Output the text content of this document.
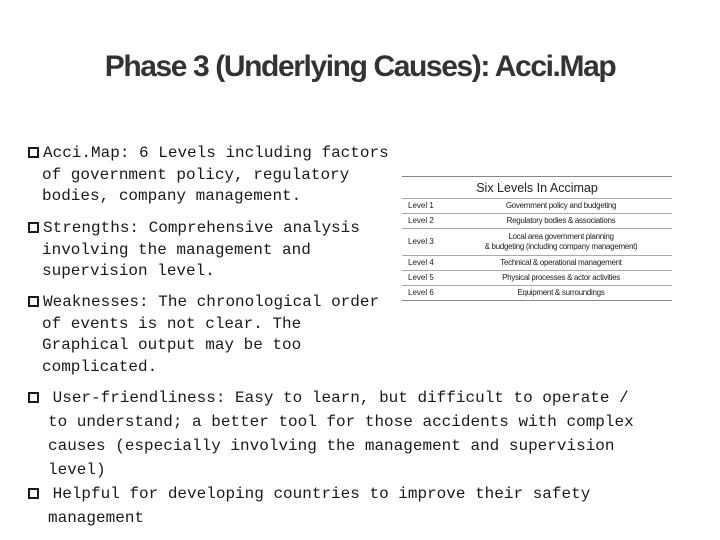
Phase 3 (Underlying Causes): Acci.Map
Acci.Map: 6 Levels including factors
of government policy, regulatory
bodies, company management.
Strengths: Comprehensive analysis
involving the management and
supervision level.
Weaknesses: The chronological order
of events is not clear. The
Graphical output may be too
complicated.
User-friendliness: Easy to learn, but difficult to operate /
to understand; a better tool for those accidents with complex
causes (especially involving the management and supervision
level)
Helpful for developing countries to improve their safety
management
Six Levels In Accimap
Level 1	Government policy and budgeting
Level 2	Regulatory bodies & associations
Level 3
Local area government planning
& budgeting (including company management)
Level 4	Technical & operational management
Level 5	Physical processes & actor activities
Level 6	Equipment & surroundings
